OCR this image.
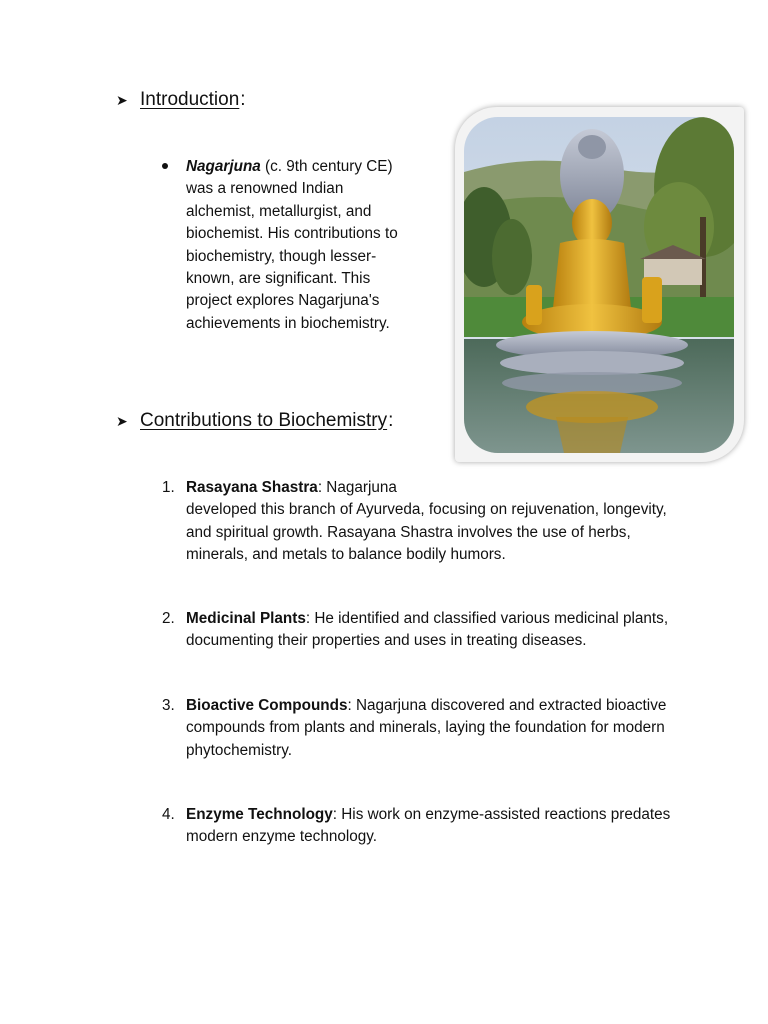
➤ Introduction :
Nagarjuna (c. 9th century CE) was a renowned Indian alchemist, metallurgist, and biochemist. His contributions to biochemistry, though lesser-known, are significant. This project explores Nagarjuna's achievements in biochemistry.
➤ Contributions to Biochemistry :
1. Rasayana Shastra: Nagarjuna
developed this branch of Ayurveda, focusing on rejuvenation, longevity, and spiritual growth. Rasayana Shastra involves the use of herbs, minerals, and metals to balance bodily humors.
2. Medicinal Plants: He identified and classified various medicinal plants, documenting their properties and uses in treating diseases.
3. Bioactive Compounds: Nagarjuna discovered and extracted bioactive compounds from plants and minerals, laying the foundation for modern phytochemistry.
4. Enzyme Technology: His work on enzyme-assisted reactions predates modern enzyme technology.
